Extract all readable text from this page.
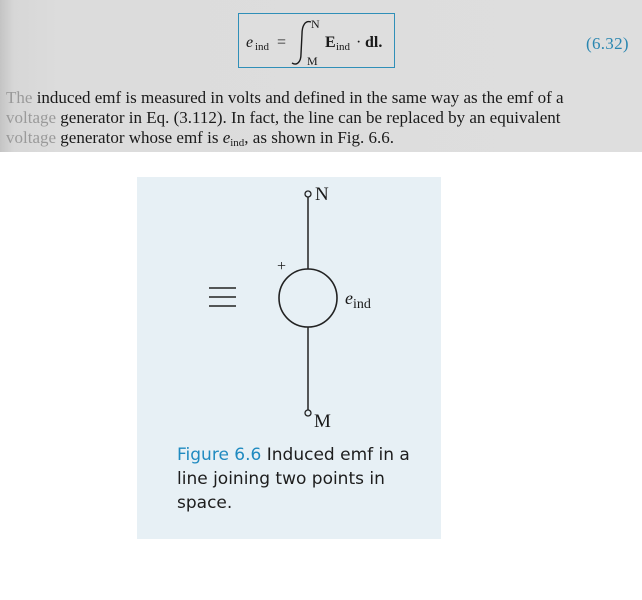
e ind =
N
M
E ind · dl.	(6.32)
The induced emf is measured in volts and defined in the same way as the emf of a
voltage generator in Eq. (3.112). In fact, the line can be replaced by an equivalent
voltage generator whose emf is $e_{ind}$, as shown in Fig. 6.6.
N
+
e ind
M
Figure 6.6 Induced emf in a line joining two points in space.
